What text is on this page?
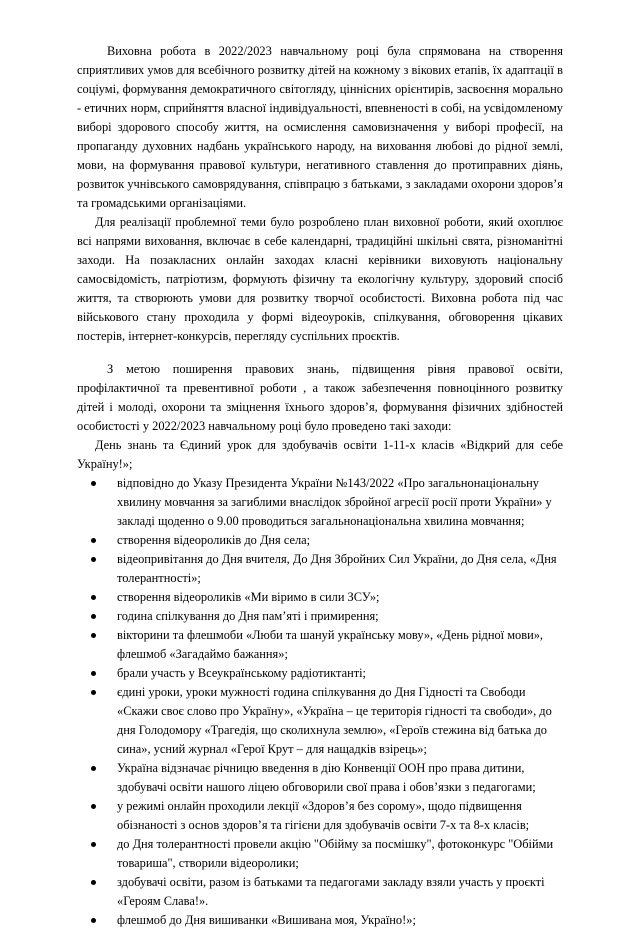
Виховна робота в 2022/2023 навчальному році була спрямована на створення сприятливих умов для всебічного розвитку дітей на кожному з вікових етапів, їх адаптації в соціумі, формування демократичного світогляду, ціннісних орієнтирів, засвоєння морально - етичних норм, сприйняття власної індивідуальності, впевненості в собі, на усвідомленому виборі здорового способу життя, на осмислення самовизначення у виборі професії, на пропаганду духовних надбань українського народу, на виховання любові до рідної землі, мови, на формування правової культури, негативного ставлення до протиправних діянь, розвиток учнівського самоврядування, співпрацю з батьками, з закладами охорони здоров’я та громадськими організаціями.

Для реалізації проблемної теми було розроблено план виховної роботи, який охоплює всі напрями виховання, включає в себе календарні, традиційні шкільні свята, різноманітні заходи. На позакласних онлайн заходах класні керівники виховують національну самосвідомість, патріотизм, формують фізичну та екологічну культуру, здоровий спосіб життя, та створюють умови для розвитку творчої особистості. Виховна робота під час військового стану проходила у формі відеоуроків, спілкування, обговорення цікавих постерів, інтернет-конкурсів, перегляду суспільних проєктів.

З метою поширення правових знань, підвищення рівня правової освіти, профілактичної та превентивної роботи , а також забезпечення повноцінного розвитку дітей і молоді, охорони та зміцнення їхнього здоров’я, формування фізичних здібностей особистості у 2022/2023 навчальному році було проведено такі заходи:

День знань та Єдиний урок для здобувачів освіти 1-11-х класів «Відкрий для себе Україну!»;

відповідно до Указу Президента України №143/2022 «Про загальнонаціональну хвилину мовчання за загиблими внаслідок збройної агресії росії проти України» у закладі щоденно о 9.00 проводиться загальнонаціональна хвилина мовчання;
створення відеороликів до Дня села;
відеопривітання до Дня вчителя, До Дня Збройних Сил України, до Дня села, «Дня толерантності»;
створення відеороликів «Ми віримо в сили ЗСУ»;
година спілкування до Дня пам’яті і примирення;
вікторини та флешмоби «Люби та шануй українську мову», «День рідної мови», флешмоб «Загадаймо бажання»;
брали участь у Всеукраїнському радіотиктанті;
єдині уроки, уроки мужності година спілкування до Дня Гідності та Свободи «Скажи своє слово про Україну», «Україна – це територія гідності та свободи», до дня Голодомору «Трагедія, що сколихнула землю», «Героїв стежина від батька до сина», усний журнал «Герої Крут – для нащадків взірець»;
Україна відзначає річницю введення в дію Конвенції ООН про права дитини, здобувачі освіти нашого ліцею обговорили свої права і обов’язки з педагогами;
у режимі онлайн проходили лекції «Здоров’я без сорому», щодо підвищення обізнаності з основ здоров’я та гігієни для здобувачів освіти 7-х та 8-х класів;
до Дня толерантності провели акцію "Обійму за посмішку", фотоконкурс "Обійми товариша", створили відеоролики;
здобувачі освіти, разом із батьками та педагогами закладу взяли участь у проєкті «Героям Слава!».
флешмоб до Дня вишиванки «Вишивана моя, Україно!»;
